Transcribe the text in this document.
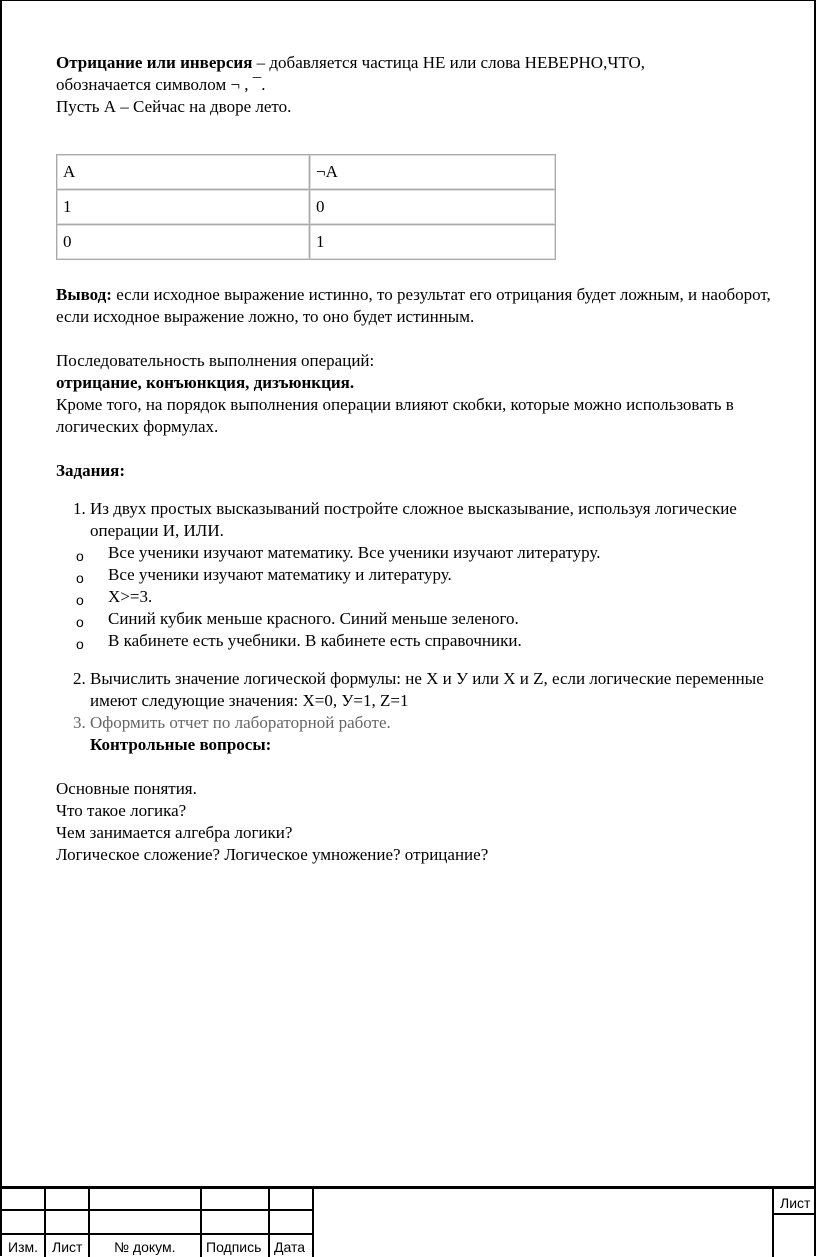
Отрицание или инверсия – добавляется частица НЕ или слова НЕВЕРНО,ЧТО,

обозначается символом ¬ , ¯.

Пусть А – Сейчас на дворе лето.

А	¬А
1	0
0	1

Вывод: если исходное выражение истинно, то результат его отрицания будет ложным, и наоборот, если исходное выражение ложно, то оно будет истинным.

Последовательность выполнения операций:

отрицание, конъюнкция, дизъюнкция.

Кроме того, на порядок выполнения операции влияют скобки, которые можно использовать в логических формулах.

Задания:

1. Из двух простых высказываний постройте сложное высказывание, используя логические операции И, ИЛИ.
o Все ученики изучают математику. Все ученики изучают литературу.
o Все ученики изучают математику и литературу.
o X>=3.
o Синий кубик меньше красного. Синий меньше зеленого.
o В кабинете есть учебники. В кабинете есть справочники.
2. Вычислить значение логической формулы: не X и У или X и Z, если логические переменные имеют следующие значения: X=0, У=1, Z=1
3. Оформить отчет по лабораторной работе.

Контрольные вопросы:

Основные понятия.

Что такое логика?

Чем занимается алгебра логики?

Логическое сложение? Логическое умножение? отрицание?

Изм. Лист № докум. Подпись Дата
Лист
